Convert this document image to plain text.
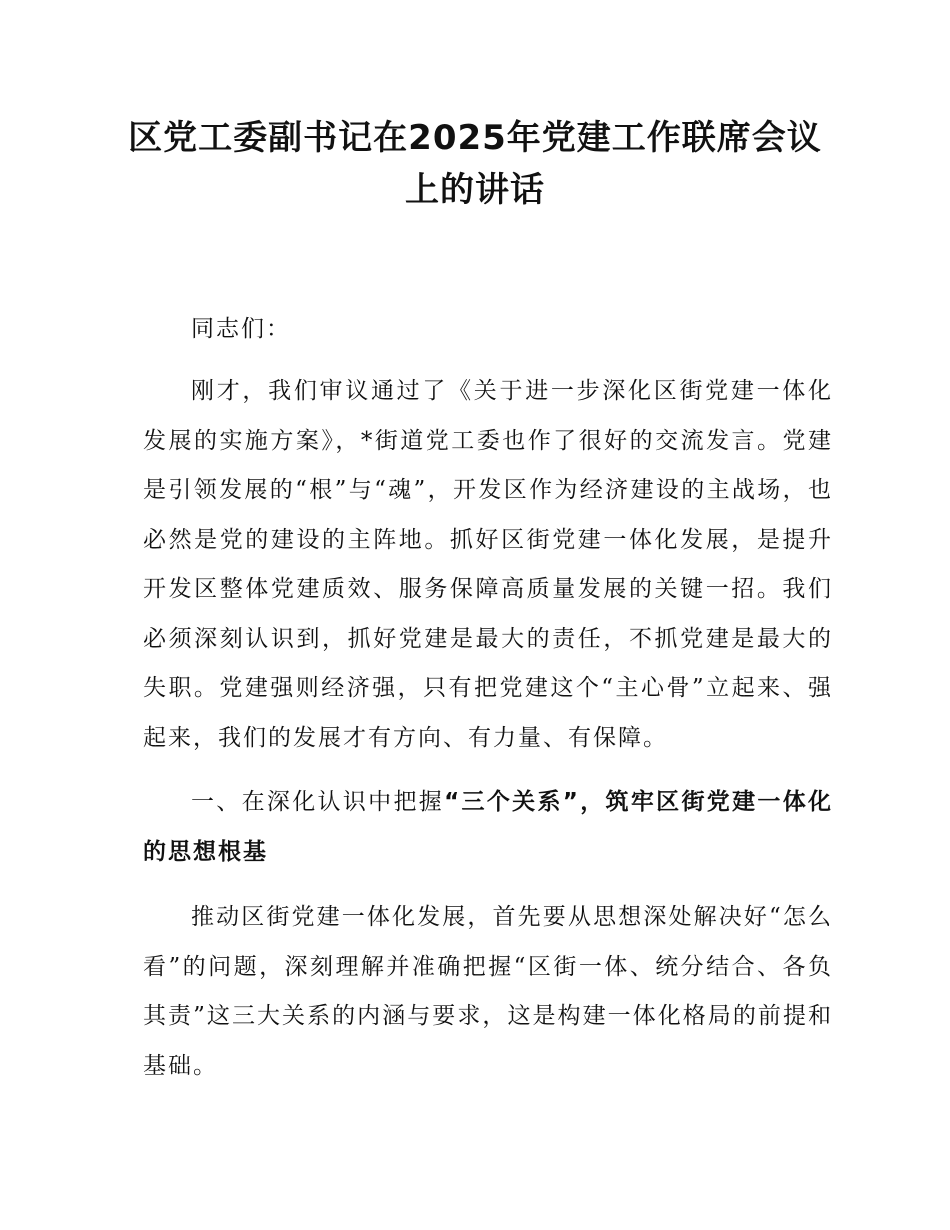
区党工委副书记在2025年党建工作联席会议
上的讲话
同志们：
刚才，我们审议通过了《关于进一步深化区街党建一体化发展的实施方案》，*街道党工委也作了很好的交流发言。党建是引领发展的“根”与“魂”，开发区作为经济建设的主战场，也必然是党的建设的主阵地。抓好区街党建一体化发展，是提升开发区整体党建质效、服务保障高质量发展的关键一招。我们必须深刻认识到，抓好党建是最大的责任，不抓党建是最大的失职。党建强则经济强，只有把党建这个“主心骨”立起来、强起来，我们的发展才有方向、有力量、有保障。
一、在深化认识中把握“三个关系”，筑牢区街党建一体化的思想根基
推动区街党建一体化发展，首先要从思想深处解决好“怎么看”的问题，深刻理解并准确把握“区街一体、统分结合、各负其责”这三大关系的内涵与要求，这是构建一体化格局的前提和基础。
